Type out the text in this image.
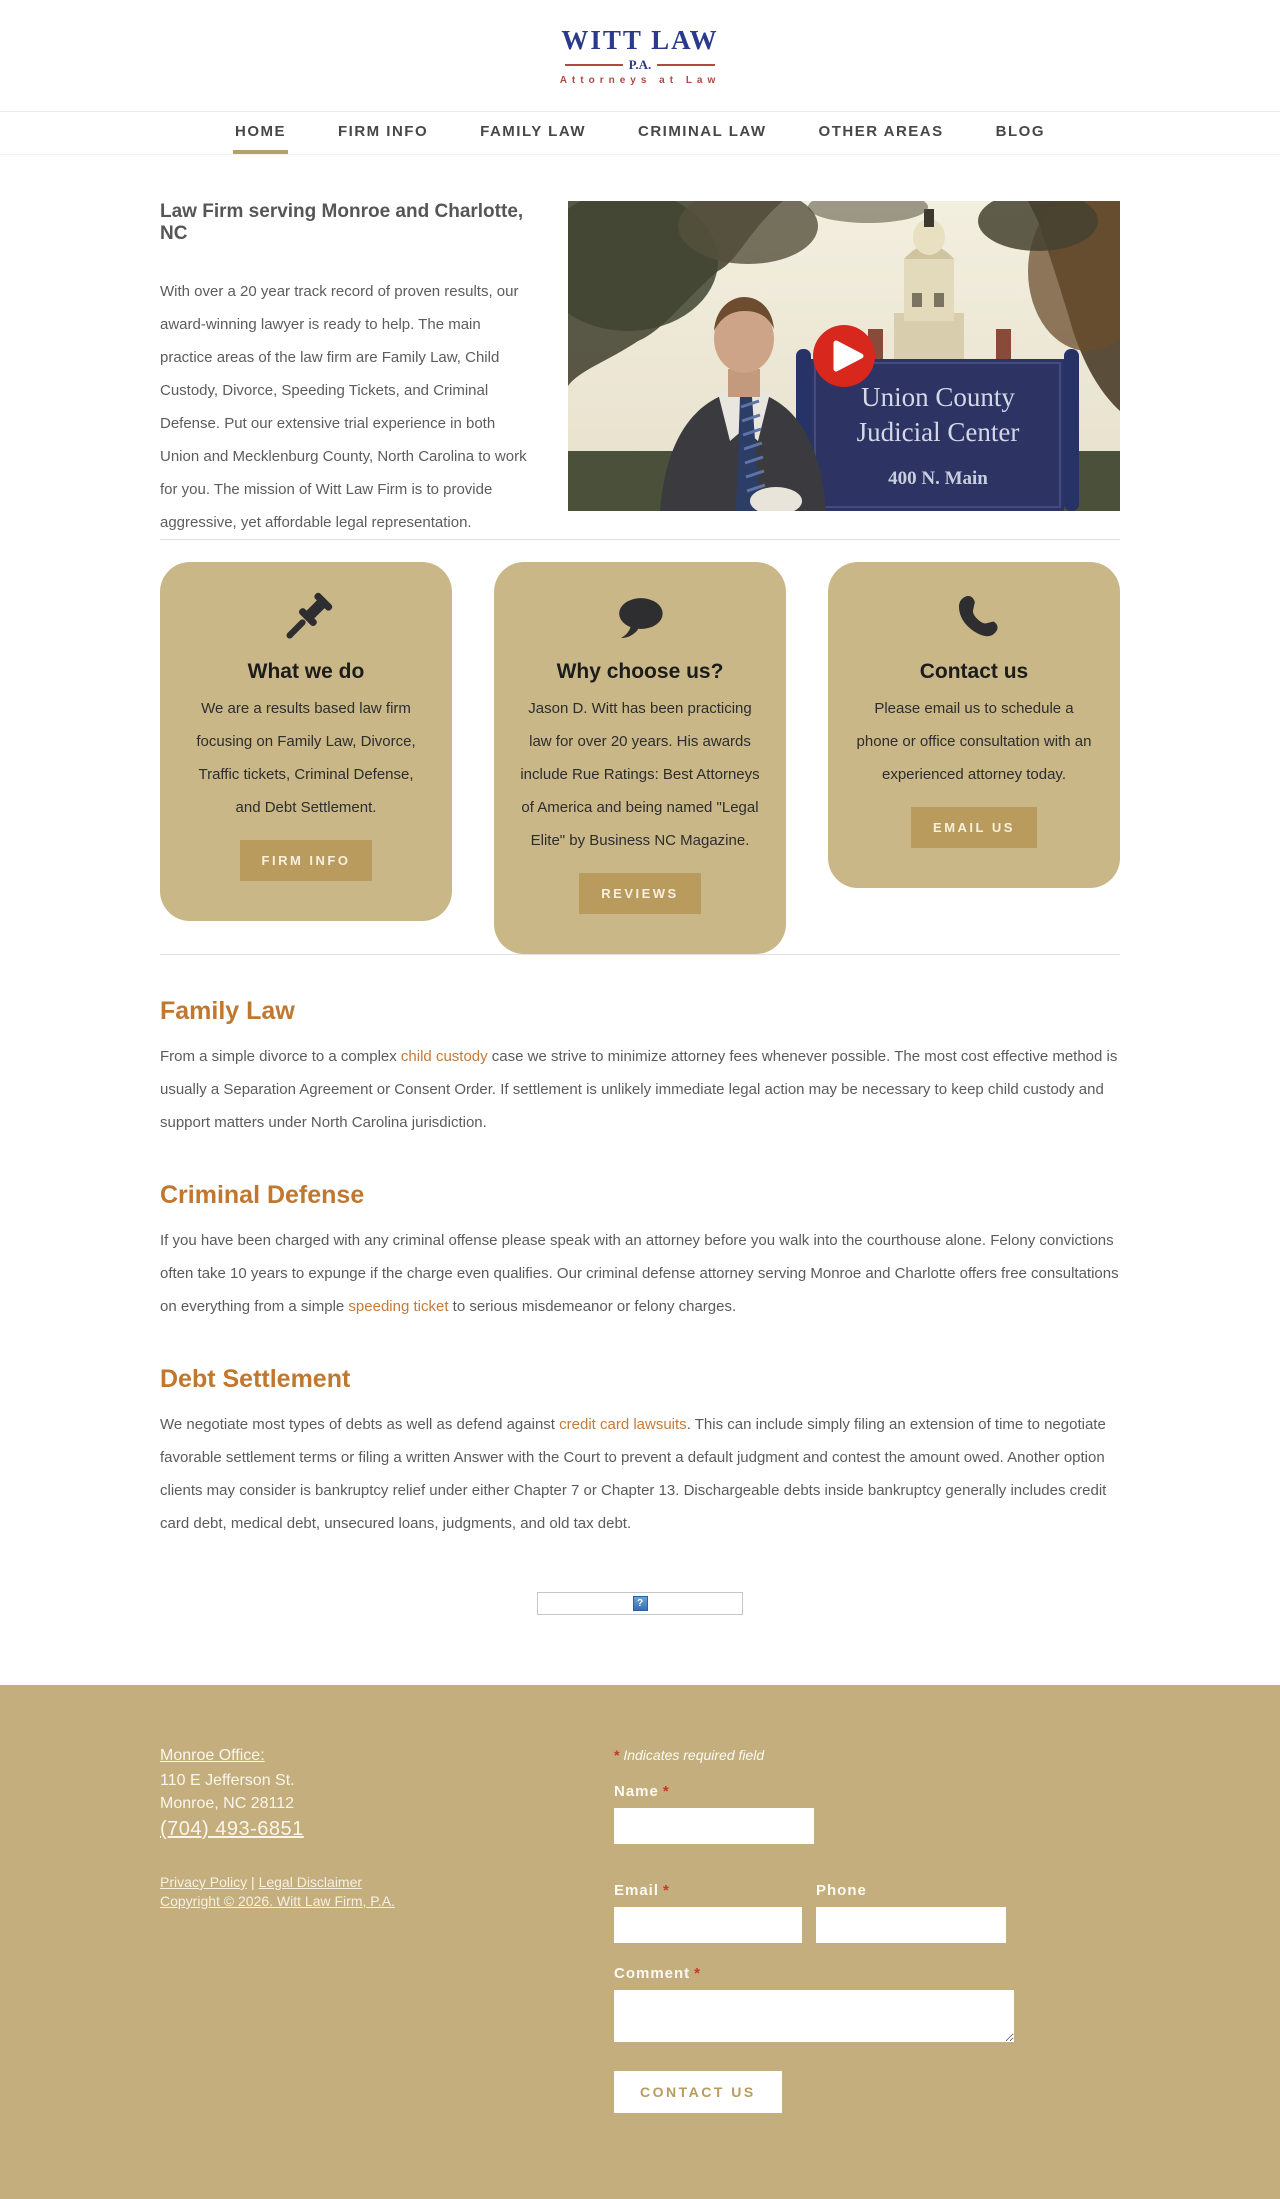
WITT LAW
P.A.
Attorneys at Law
HOME	FIRM INFO	FAMILY LAW	CRIMINAL LAW	OTHER AREAS	BLOG
Law Firm serving Monroe and Charlotte, NC

With over a 20 year track record of proven results, our award-winning lawyer is ready to help. The main practice areas of the law firm are Family Law, Child Custody, Divorce, Speeding Tickets, and Criminal Defense. Put our extensive trial experience in both Union and Mecklenburg County, North Carolina to work for you. The mission of Witt Law Firm is to provide aggressive, yet affordable legal representation.

Union County
Judicial Center
400 N. Main
What we do

We are a results based law firm focusing on Family Law, Divorce, Traffic tickets, Criminal Defense, and Debt Settlement.

FIRM INFO
Why choose us?

Jason D. Witt has been practicing law for over 20 years. His awards include Rue Ratings: Best Attorneys of America and being named "Legal Elite" by Business NC Magazine.

REVIEWS
Contact us

Please email us to schedule a phone or office consultation with an experienced attorney today.

EMAIL US
Family Law

From a simple divorce to a complex child custody case we strive to minimize attorney fees whenever possible. The most cost effective method is usually a Separation Agreement or Consent Order. If settlement is unlikely immediate legal action may be necessary to keep child custody and support matters under North Carolina jurisdiction.

Criminal Defense

If you have been charged with any criminal offense please speak with an attorney before you walk into the courthouse alone. Felony convictions often take 10 years to expunge if the charge even qualifies. Our criminal defense attorney serving Monroe and Charlotte offers free consultations on everything from a simple speeding ticket to serious misdemeanor or felony charges.

Debt Settlement

We negotiate most types of debts as well as defend against credit card lawsuits. This can include simply filing an extension of time to negotiate favorable settlement terms or filing a written Answer with the Court to prevent a default judgment and contest the amount owed. Another option clients may consider is bankruptcy relief under either Chapter 7 or Chapter 13. Dischargeable debts inside bankruptcy generally includes credit card debt, medical debt, unsecured loans, judgments, and old tax debt.

?
Monroe Office:
110 E Jefferson St.
Monroe, NC 28112
(704) 493-6851
Privacy Policy | Legal Disclaimer
Copyright © 2026. Witt Law Firm, P.A.
* Indicates required field
Name *
Email *	Phone
Comment *
CONTACT US
